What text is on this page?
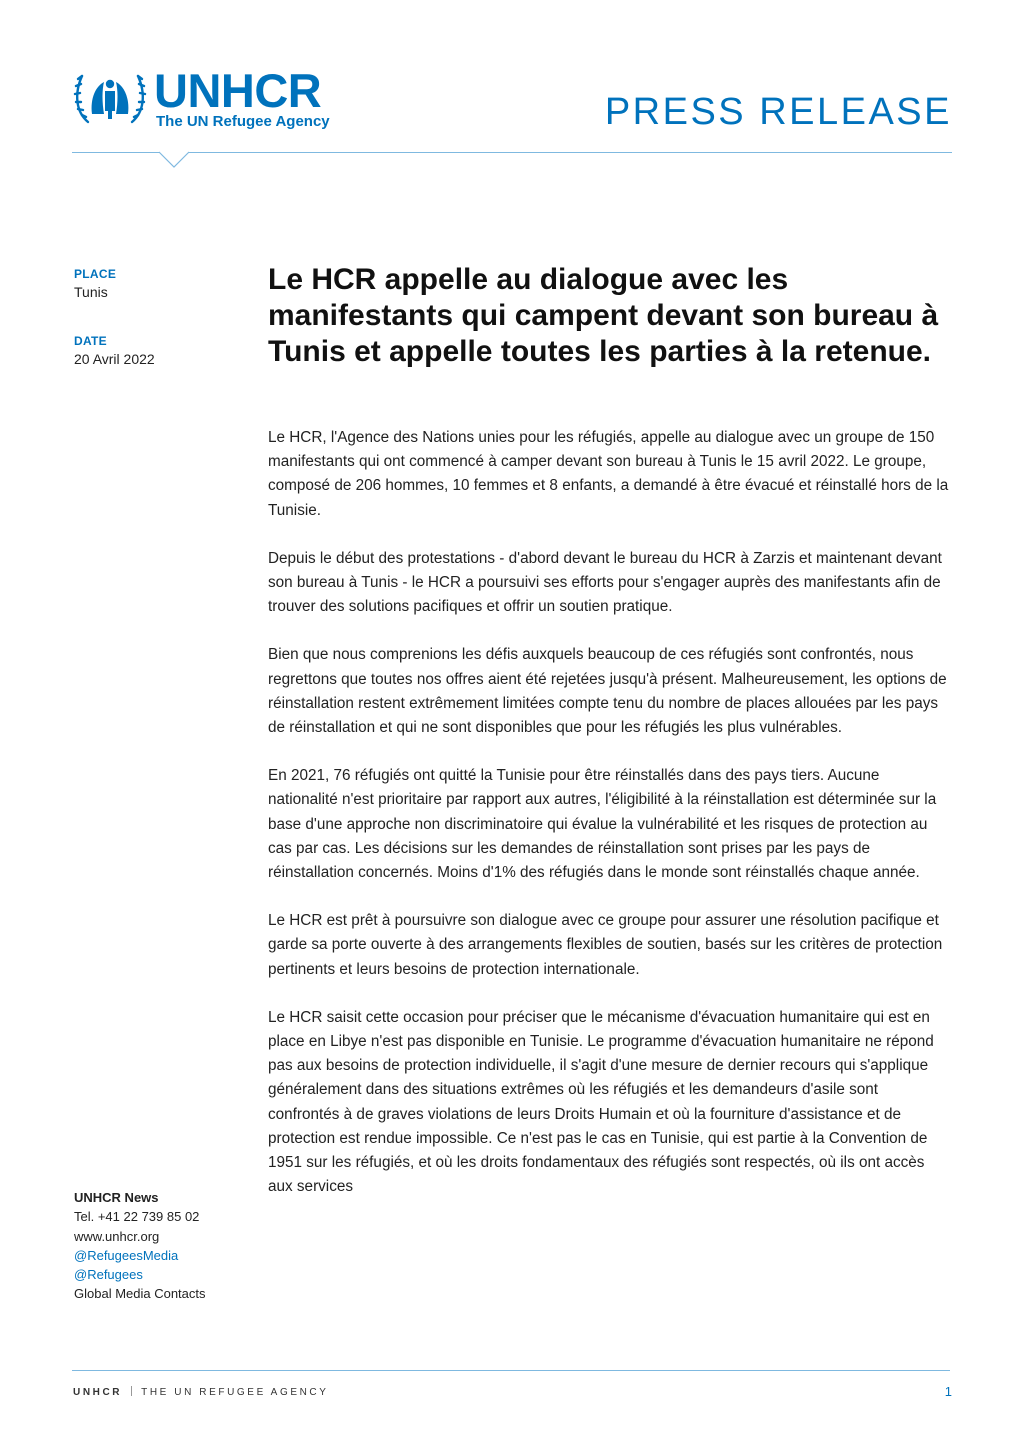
UNHCR
The UN Refugee Agency	PRESS RELEASE
PLACE
Tunis
DATE
20 Avril 2022
Le HCR appelle au dialogue avec les manifestants qui campent devant son bureau à Tunis et appelle toutes les parties à la retenue.

Le HCR, l'Agence des Nations unies pour les réfugiés, appelle au dialogue avec un groupe de 150 manifestants qui ont commencé à camper devant son bureau à Tunis le 15 avril 2022. Le groupe, composé de 206 hommes, 10 femmes et 8 enfants, a demandé à être évacué et réinstallé hors de la Tunisie.

Depuis le début des protestations - d'abord devant le bureau du HCR à Zarzis et maintenant devant son bureau à Tunis - le HCR a poursuivi ses efforts pour s'engager auprès des manifestants afin de trouver des solutions pacifiques et offrir un soutien pratique.

Bien que nous comprenions les défis auxquels beaucoup de ces réfugiés sont confrontés, nous regrettons que toutes nos offres aient été rejetées jusqu'à présent. Malheureusement, les options de réinstallation restent extrêmement limitées compte tenu du nombre de places allouées par les pays de réinstallation et qui ne sont disponibles que pour les réfugiés les plus vulnérables.

En 2021, 76 réfugiés ont quitté la Tunisie pour être réinstallés dans des pays tiers. Aucune nationalité n'est prioritaire par rapport aux autres, l'éligibilité à la réinstallation est déterminée sur la base d'une approche non discriminatoire qui évalue la vulnérabilité et les risques de protection au cas par cas. Les décisions sur les demandes de réinstallation sont prises par les pays de réinstallation concernés. Moins d'1% des réfugiés dans le monde sont réinstallés chaque année.

Le HCR est prêt à poursuivre son dialogue avec ce groupe pour assurer une résolution pacifique et garde sa porte ouverte à des arrangements flexibles de soutien, basés sur les critères de protection pertinents et leurs besoins de protection internationale.

Le HCR saisit cette occasion pour préciser que le mécanisme d'évacuation humanitaire qui est en place en Libye n'est pas disponible en Tunisie. Le programme d'évacuation humanitaire ne répond pas aux besoins de protection individuelle, il s'agit d'une mesure de dernier recours qui s'applique généralement dans des situations extrêmes où les réfugiés et les demandeurs d'asile sont confrontés à de graves violations de leurs Droits Humain et où la fourniture d'assistance et de protection est rendue impossible. Ce n'est pas le cas en Tunisie, qui est partie à la Convention de 1951 sur les réfugiés, et où les droits fondamentaux des réfugiés sont respectés, où ils ont accès aux services

UNHCR News
Tel. +41 22 739 85 02
www.unhcr.org
@RefugeesMedia
@Refugees
Global Media Contacts
UNHCR THE UN REFUGEE AGENCY	1
